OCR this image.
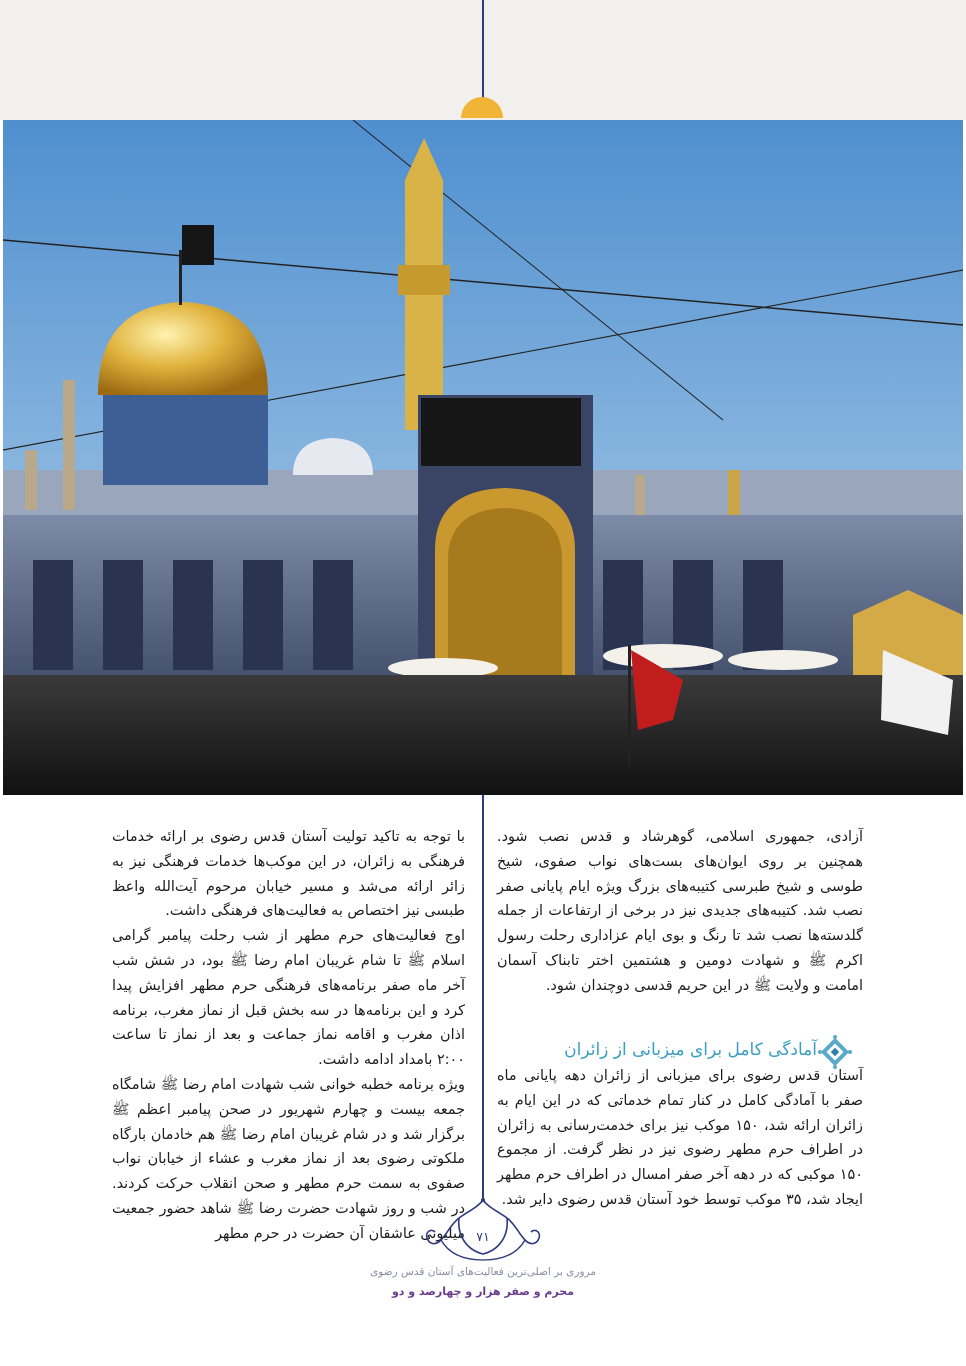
آزادی، جمهوری اسلامی، گوهرشاد و قدس نصب شود. همچنین بر روی ایوان‌های بست‌های نواب صفوی، شیخ طوسی و شیخ طبرسی کتیبه‌های بزرگ ویژه ایام پایانی صفر نصب شد. کتیبه‌های جدیدی نیز در برخی از ارتفاعات از جمله گلدسته‌ها نصب شد تا رنگ و بوی ایام عزاداری رحلت رسول اکرم ﷺ و شهادت دومین و هشتمین اختر تابناک آسمان امامت و ولایت ﷺ در این حریم قدسی دوچندان شود.

آمادگی کامل برای میزبانی از زائران

آستان قدس رضوی برای میزبانی از زائران دهه پایانی ماه صفر با آمادگی کامل در کنار تمام خدماتی که در این ایام به زائران ارائه شد، ۱۵۰ موکب نیز برای خدمت‌رسانی به زائران در اطراف حرم مطهر رضوی نیز در نظر گرفت. از مجموع ۱۵۰ موکبی که در دهه آخر صفر امسال در اطراف حرم مطهر ایجاد شد، ۳۵ موکب توسط خود آستان قدس رضوی دایر شد.

با توجه به تاکید تولیت آستان قدس رضوی بر ارائه خدمات فرهنگی به زائران، در این موکب‌ها خدمات فرهنگی نیز به زائر ارائه می‌شد و مسیر خیابان مرحوم آیت‌الله واعظ طبسی نیز اختصاص به فعالیت‌های فرهنگی داشت.

اوج فعالیت‌های حرم مطهر از شب رحلت پیامبر گرامی اسلام ﷺ تا شام غریبان امام رضا ﷺ بود، در شش شب آخر ماه صفر برنامه‌های فرهنگی حرم مطهر افزایش پیدا کرد و این برنامه‌ها در سه بخش قبل از نماز مغرب، برنامه اذان مغرب و اقامه نماز جماعت و بعد از نماز تا ساعت ۲:۰۰ بامداد ادامه داشت.

ویژه برنامه خطبه خوانی شب شهادت امام رضا ﷺ شامگاه جمعه بیست و چهارم شهریور در صحن پیامبر اعظم ﷺ برگزار شد و در شام غریبان امام رضا ﷺ هم خادمان بارگاه ملکوتی رضوی بعد از نماز مغرب و عشاء از خیابان نواب صفوی به سمت حرم مطهر و صحن انقلاب حرکت کردند. در شب و روز شهادت حضرت رضا ﷺ شاهد حضور جمعیت میلیونی عاشقان آن حضرت در حرم مطهر ۷۱
مروری بر اصلی‌ترین فعالیت‌های آستان قدس رضوی
محرم و صفر هزار و چهارصد و دو
